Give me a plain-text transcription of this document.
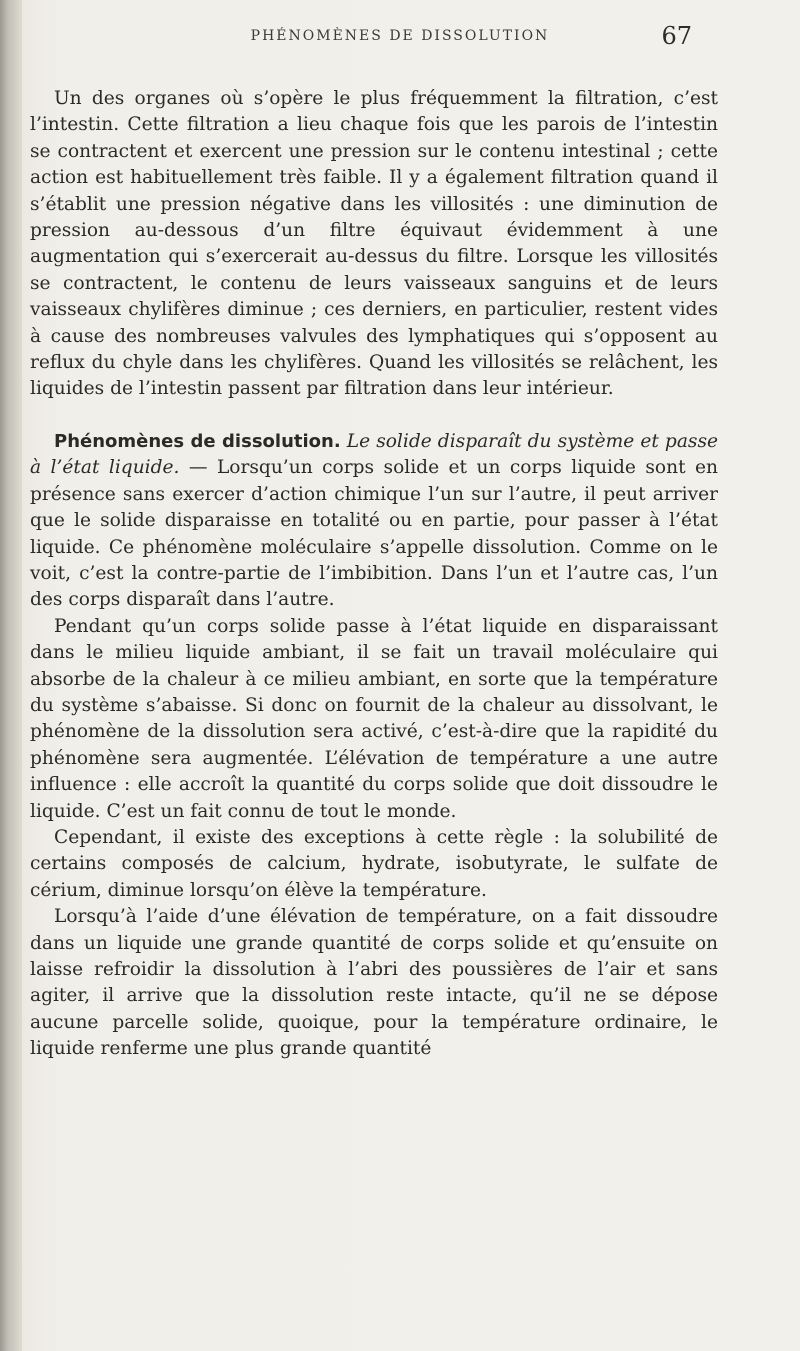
PHÉNOMÈNES DE DISSOLUTION	67

Un des organes où s’opère le plus fréquemment la filtration, c’est l’intestin. Cette filtration a lieu chaque fois que les parois de l’intestin se contractent et exercent une pression sur le contenu intestinal ; cette action est habituellement très faible. Il y a également filtration quand il s’établit une pression négative dans les villosités : une diminution de pression au-dessous d’un filtre équivaut évidemment à une augmentation qui s’exercerait au-dessus du filtre. Lorsque les villosités se contractent, le contenu de leurs vaisseaux sanguins et de leurs vaisseaux chylifères diminue ; ces derniers, en particulier, restent vides à cause des nombreuses valvules des lymphatiques qui s’opposent au reflux du chyle dans les chylifères. Quand les villosités se relâchent, les liquides de l’intestin passent par filtration dans leur intérieur.

Phénomènes de dissolution. Le solide disparaît du système et passe à l’état liquide. — Lorsqu’un corps solide et un corps liquide sont en présence sans exercer d’action chimique l’un sur l’autre, il peut arriver que le solide disparaisse en totalité ou en partie, pour passer à l’état liquide. Ce phénomène moléculaire s’appelle dissolution. Comme on le voit, c’est la contre-partie de l’imbibition. Dans l’un et l’autre cas, l’un des corps disparaît dans l’autre.

Pendant qu’un corps solide passe à l’état liquide en disparaissant dans le milieu liquide ambiant, il se fait un travail moléculaire qui absorbe de la chaleur à ce milieu ambiant, en sorte que la température du système s’abaisse. Si donc on fournit de la chaleur au dissolvant, le phénomène de la dissolution sera activé, c’est-à-dire que la rapidité du phénomène sera augmentée. L’élévation de température a une autre influence : elle accroît la quantité du corps solide que doit dissoudre le liquide. C’est un fait connu de tout le monde.

Cependant, il existe des exceptions à cette règle : la solubilité de certains composés de calcium, hydrate, isobutyrate, le sulfate de cérium, diminue lorsqu’on élève la température.

Lorsqu’à l’aide d’une élévation de température, on a fait dissoudre dans un liquide une grande quantité de corps solide et qu’ensuite on laisse refroidir la dissolution à l’abri des poussières de l’air et sans agiter, il arrive que la dissolution reste intacte, qu’il ne se dépose aucune parcelle solide, quoique, pour la température ordinaire, le liquide renferme une plus grande quantité
